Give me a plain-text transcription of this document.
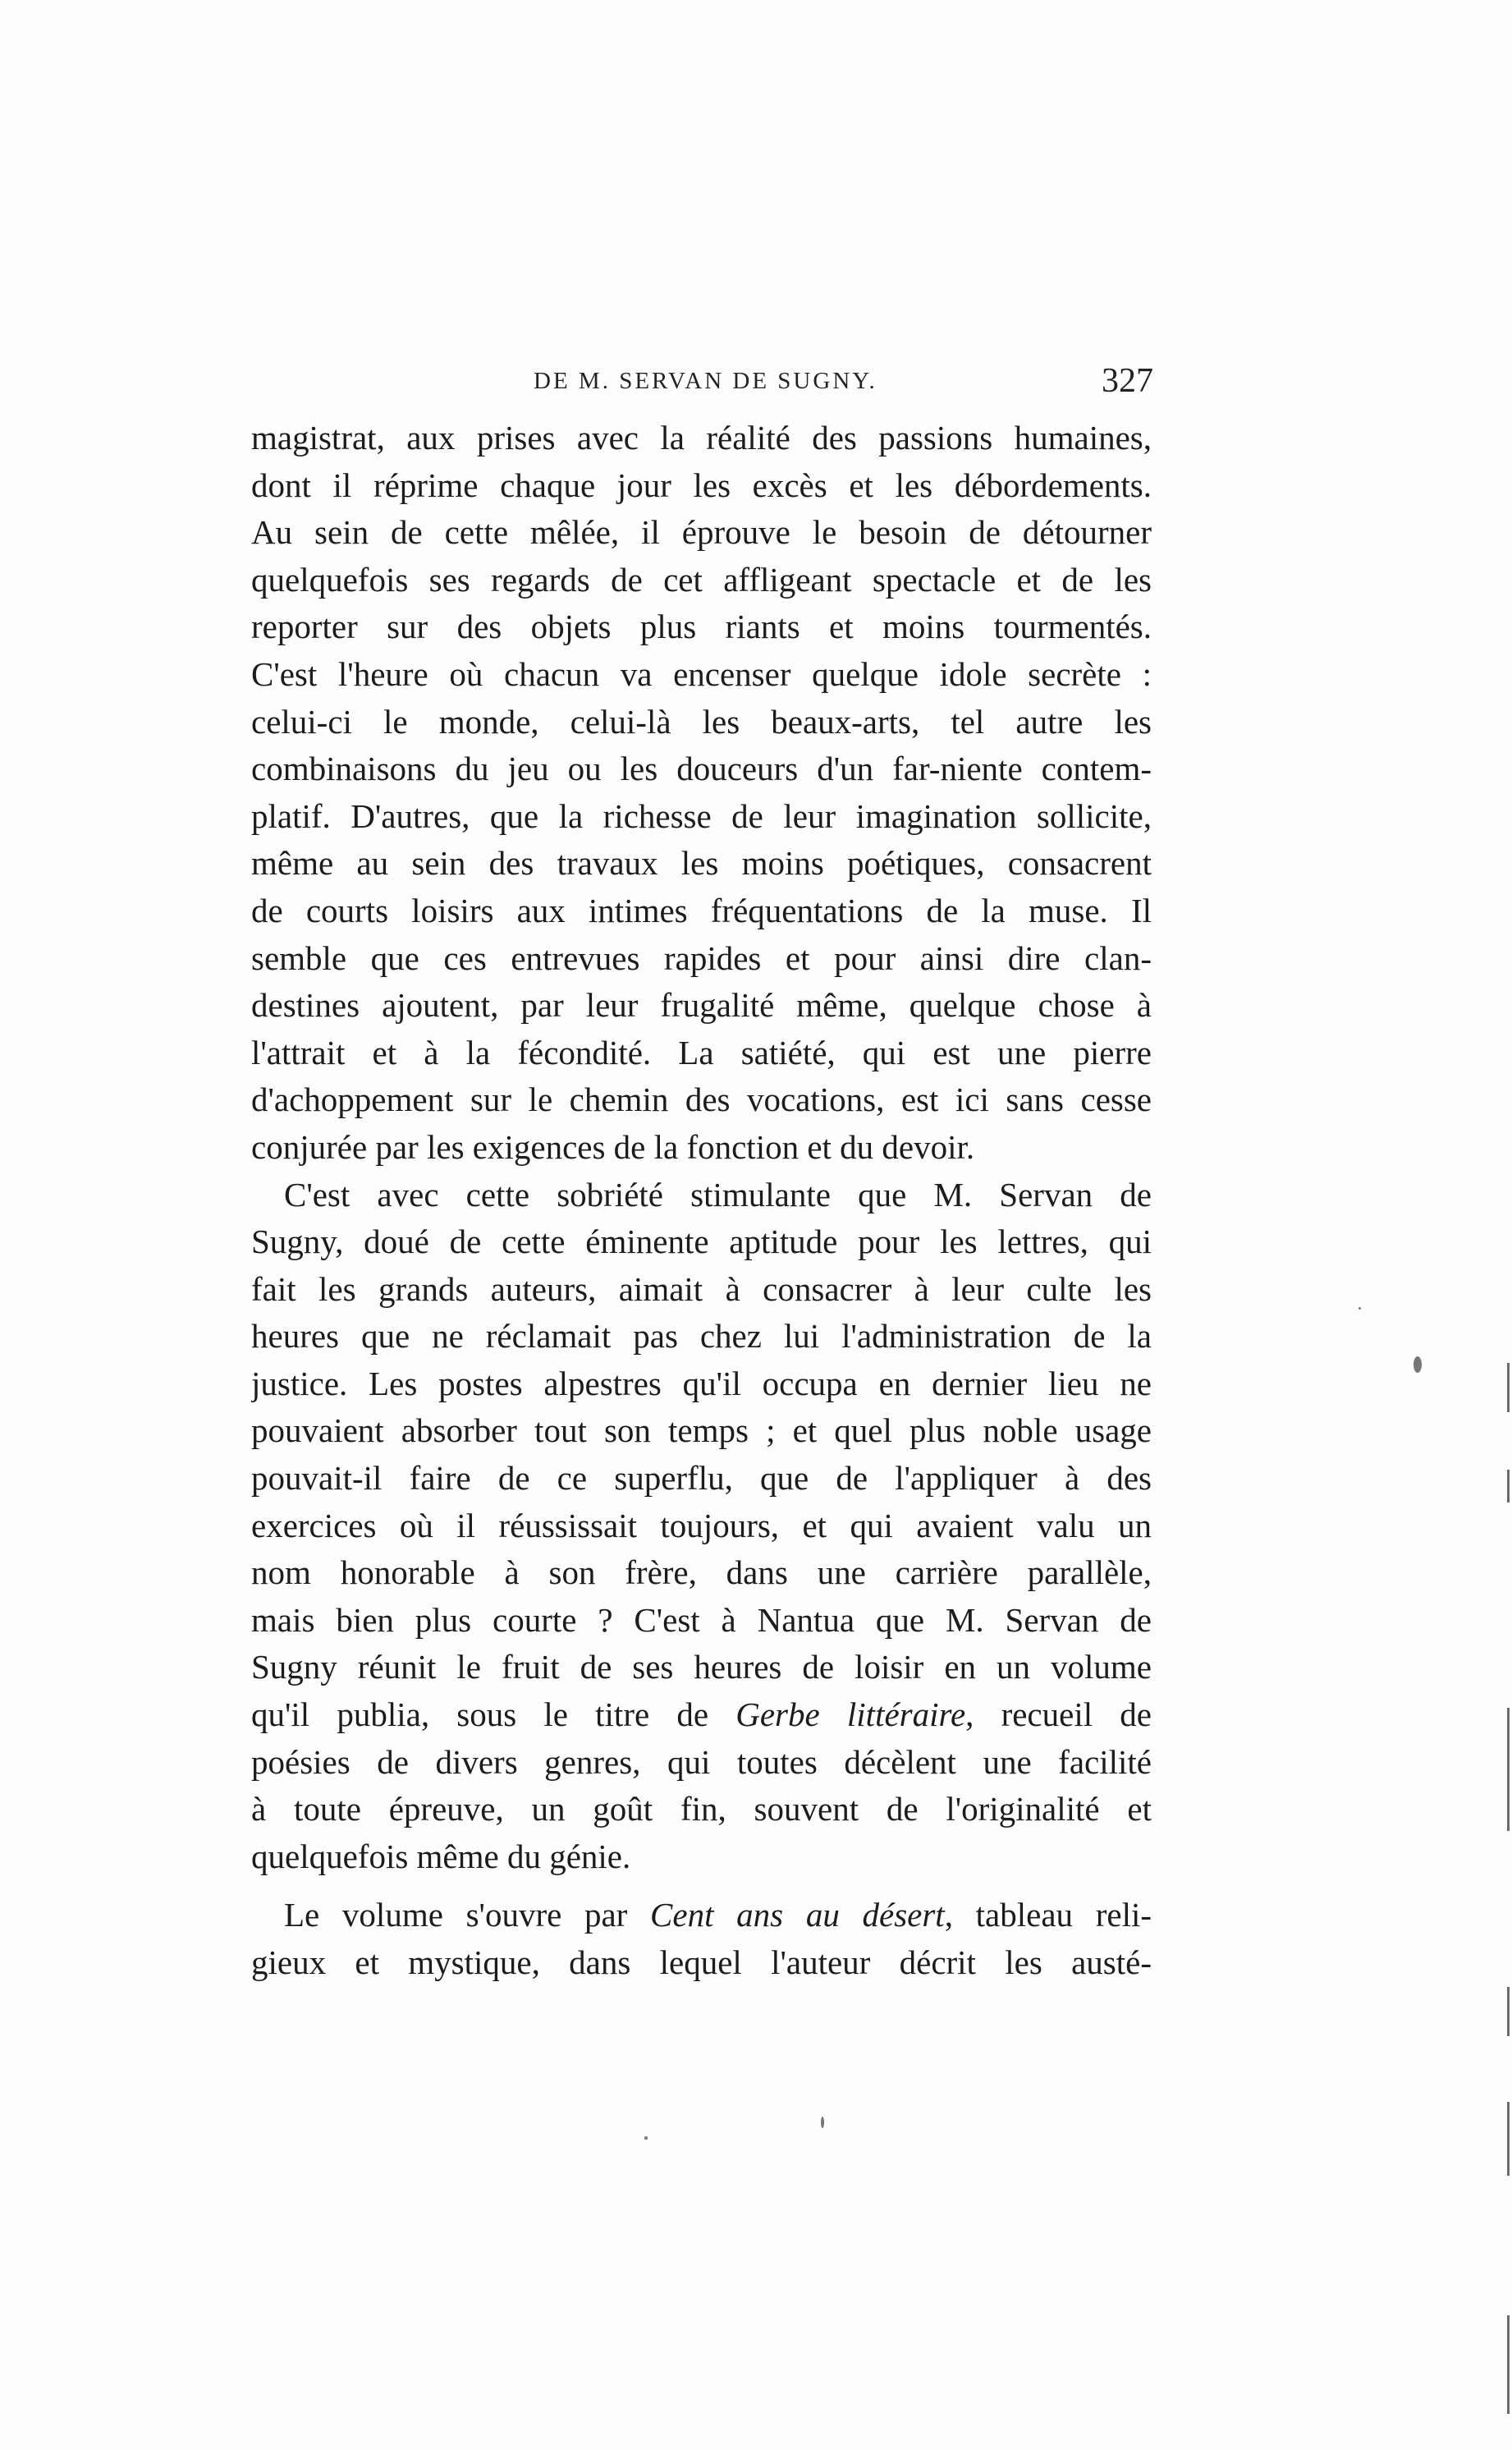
DE M. SERVAN DE SUGNY.	327
magistrat, aux prises avec la réalité des passions humaines,
dont il réprime chaque jour les excès et les débordements.
Au sein de cette mêlée, il éprouve le besoin de détourner
quelquefois ses regards de cet affligeant spectacle et de les
reporter sur des objets plus riants et moins tourmentés.
C'est l'heure où chacun va encenser quelque idole secrète :
celui-ci le monde, celui-là les beaux-arts, tel autre les
combinaisons du jeu ou les douceurs d'un far-niente contem-
platif. D'autres, que la richesse de leur imagination sollicite,
même au sein des travaux les moins poétiques, consacrent
de courts loisirs aux intimes fréquentations de la muse. Il
semble que ces entrevues rapides et pour ainsi dire clan-
destines ajoutent, par leur frugalité même, quelque chose à
l'attrait et à la fécondité. La satiété, qui est une pierre
d'achoppement sur le chemin des vocations, est ici sans cesse
conjurée par les exigences de la fonction et du devoir.
C'est avec cette sobriété stimulante que M. Servan de
Sugny, doué de cette éminente aptitude pour les lettres, qui
fait les grands auteurs, aimait à consacrer à leur culte les
heures que ne réclamait pas chez lui l'administration de la
justice. Les postes alpestres qu'il occupa en dernier lieu ne
pouvaient absorber tout son temps ; et quel plus noble usage
pouvait-il faire de ce superflu, que de l'appliquer à des
exercices où il réussissait toujours, et qui avaient valu un
nom honorable à son frère, dans une carrière parallèle,
mais bien plus courte ? C'est à Nantua que M. Servan de
Sugny réunit le fruit de ses heures de loisir en un volume
qu'il publia, sous le titre de Gerbe littéraire, recueil de
poésies de divers genres, qui toutes décèlent une facilité
à toute épreuve, un goût fin, souvent de l'originalité et
quelquefois même du génie.
Le volume s'ouvre par Cent ans au désert, tableau reli-
gieux et mystique, dans lequel l'auteur décrit les austé-
